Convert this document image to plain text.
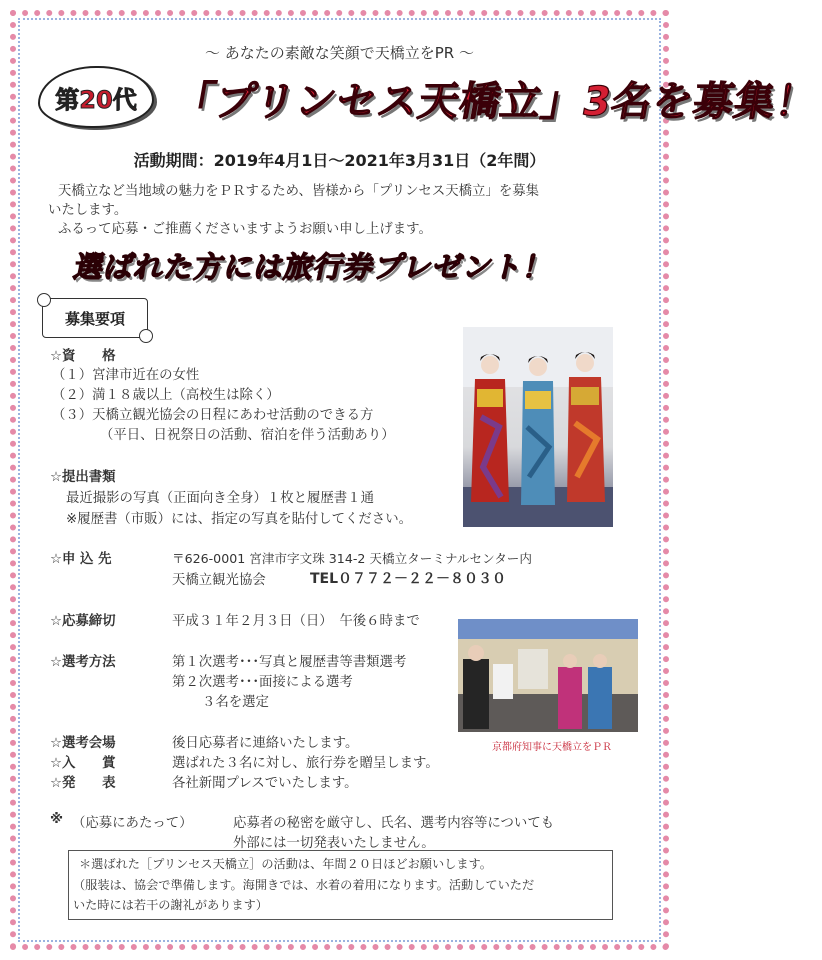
～ あなたの素敵な笑顔で天橋立をPR ～
第20代 「プリンセス天橋立」3名を募集！
活動期間：2019年4月1日～2021年3月31日（2年間）
天橋立など当地域の魅力をＰＲするため、皆様から「プリンセス天橋立」を募集
いたします。
ふるって応募・ご推薦くださいますようお願い申し上げます。
選ばれた方には旅行券プレゼント！
募集要項
☆資　　格
（１）宮津市近在の女性
（２）満１８歳以上（高校生は除く）
（３）天橋立観光協会の日程にあわせ活動のできる方
（平日、日祝祭日の活動、宿泊を伴う活動あり）
☆提出書類
最近撮影の写真（正面向き全身）１枚と履歴書１通
※履歴書（市販）には、指定の写真を貼付してください。
☆申 込 先	〒626-0001 宮津市字文珠 314-2 天橋立ターミナルセンター内
天橋立観光協会	TEL０７７２－２２－８０３０
☆応募締切	平成３１年２月３日（日）　午後６時まで
☆選考方法	第１次選考･･･写真と履歴書等書類選考
第２次選考･･･面接による選考
３名を選定
☆選考会場	後日応募者に連絡いたします。
☆入　　賞	選ばれた３名に対し、旅行券を贈呈します。
☆発　　表	各社新聞プレスでいたします。
※ （応募にあたって）	応募者の秘密を厳守し、氏名、選考内容等についても
外部には一切発表いたしません。
＊選ばれた［プリンセス天橋立］の活動は、年間２０日ほどお願いします。
（服装は、協会で準備します。海開きでは、水着の着用になります。活動していただ
いた時には若干の謝礼があります）
京都府知事に天橋立をＰＲ
